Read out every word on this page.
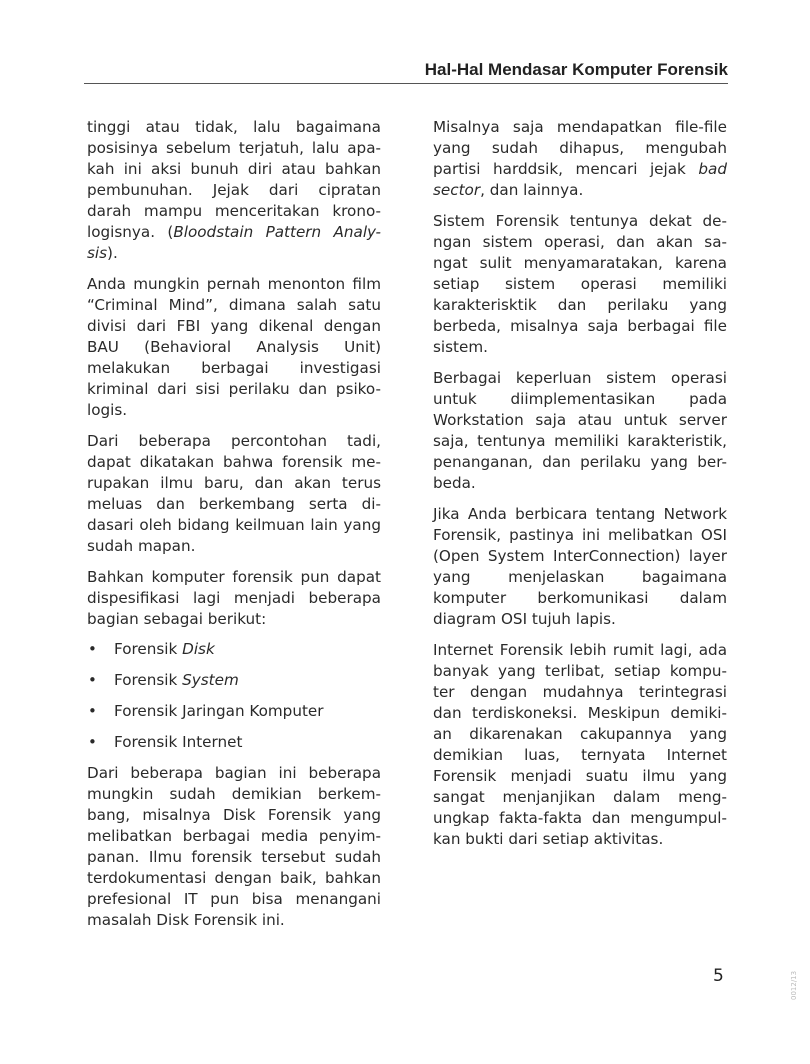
Hal-Hal Mendasar Komputer Forensik

tinggi atau tidak, lalu bagaimana posisinya sebelum terjatuh, lalu apa-kah ini aksi bunuh diri atau bahkan pembunuhan. Jejak dari cipratan darah mampu menceritakan krono-logisnya. (Bloodstain Pattern Analy-sis).

Anda mungkin pernah menonton film “Criminal Mind”, dimana salah satu divisi dari FBI yang dikenal dengan BAU (Behavioral Analysis Unit) melakukan berbagai investigasi kriminal dari sisi perilaku dan psiko-logis.

Dari beberapa percontohan tadi, dapat dikatakan bahwa forensik me-rupakan ilmu baru, dan akan terus meluas dan berkembang serta di-dasari oleh bidang keilmuan lain yang sudah mapan.

Bahkan komputer forensik pun dapat dispesifikasi lagi menjadi beberapa bagian sebagai berikut:

• Forensik Disk
• Forensik System
• Forensik Jaringan Komputer
• Forensik Internet

Dari beberapa bagian ini beberapa mungkin sudah demikian berkem-bang, misalnya Disk Forensik yang melibatkan berbagai media penyim-panan. Ilmu forensik tersebut sudah terdokumentasi dengan baik, bahkan prefesional IT pun bisa menangani masalah Disk Forensik ini.

Misalnya saja mendapatkan file-file yang sudah dihapus, mengubah partisi harddsik, mencari jejak bad sector, dan lainnya.

Sistem Forensik tentunya dekat de-ngan sistem operasi, dan akan sa-ngat sulit menyamaratakan, karena setiap sistem operasi memiliki karakterisktik dan perilaku yang berbeda, misalnya saja berbagai file sistem.

Berbagai keperluan sistem operasi untuk diimplementasikan pada Workstation saja atau untuk server saja, tentunya memiliki karakteristik, penanganan, dan perilaku yang ber-beda.

Jika Anda berbicara tentang Network Forensik, pastinya ini melibatkan OSI (Open System InterConnection) layer yang menjelaskan bagaimana komputer berkomunikasi dalam diagram OSI tujuh lapis.

Internet Forensik lebih rumit lagi, ada banyak yang terlibat, setiap kompu-ter dengan mudahnya terintegrasi dan terdiskoneksi. Meskipun demiki-an dikarenakan cakupannya yang demikian luas, ternyata Internet Forensik menjadi suatu ilmu yang sangat menjanjikan dalam meng-ungkap fakta-fakta dan mengumpul-kan bukti dari setiap aktivitas.

5	0012/13
